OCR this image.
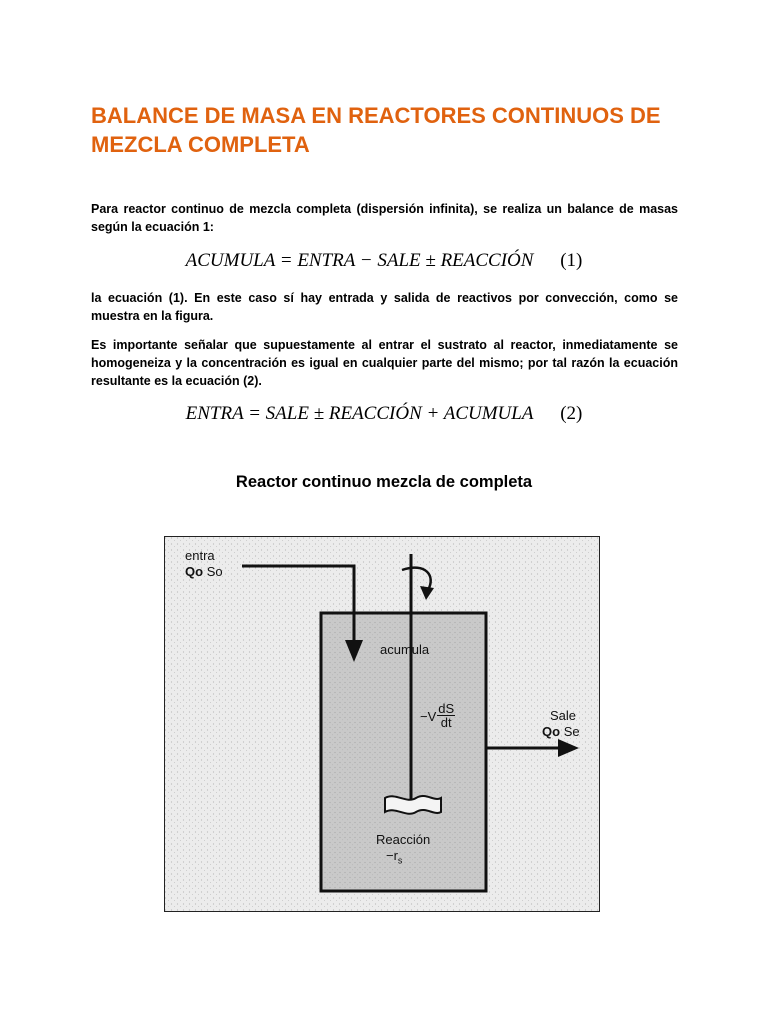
BALANCE DE MASA EN REACTORES CONTINUOS DE
MEZCLA COMPLETA

Para reactor continuo de mezcla completa (dispersión infinita), se realiza un balance de masas según la ecuación 1:

ACUMULA = ENTRA − SALE ± REACCIÓN (1)

la ecuación (1). En este caso sí hay entrada y salida de reactivos por convección, como se muestra en la figura.

Es importante señalar que supuestamente al entrar el sustrato al reactor, inmediatamente se homogeneiza y la concentración es igual en cualquier parte del mismo; por tal razón la ecuación resultante es la ecuación (2).

ENTRA = SALE ± REACCIÓN + ACUMULA (2)

Reactor continuo mezcla de completa
entra
Qo So
acumula
$-V \frac{dS}{dt}$	Sale
Qo Se
Reacción
$-r_s$
